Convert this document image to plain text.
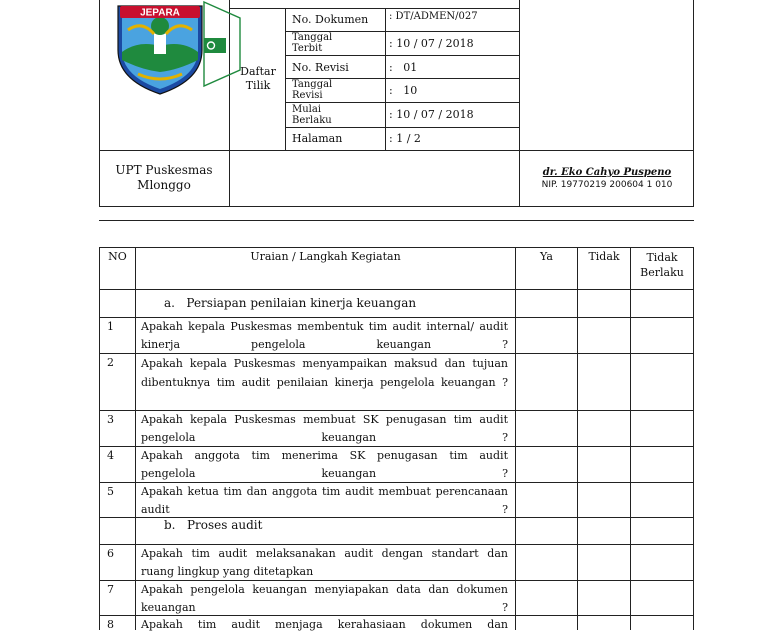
JEPARA
Daftar Tilik
No. Dokumen : DT/ADMEN/027
Tanggal Terbit	: 10 / 07 / 2018
No. Revisi	:   01
Tanggal Revisi	:   10
Mulai Berlaku	: 10 / 07 / 2018
Halaman	: 1 / 2
UPT Puskesmas Mlonggo
dr. Eko Cahyo Puspeno
NIP. 19770219 200604 1 010
NO	Uraian / Langkah Kegiatan	Ya	Tidak	Tidak Berlaku
a.   Persiapan penilaian kinerja keuangan
1 Apakah kepala Puskesmas membentuk tim audit internal/ audit kinerja pengelola keuangan ?
2 Apakah kepala Puskesmas menyampaikan maksud dan tujuan dibentuknya tim audit penilaian kinerja pengelola keuangan ?
3 Apakah kepala Puskesmas membuat SK penugasan tim audit pengelola keuangan ?
4 Apakah anggota tim menerima SK penugasan tim audit pengelola keuangan ?
5 Apakah ketua tim dan anggota tim audit membuat perencanaan audit ?
b.   Proses audit
6 Apakah tim audit melaksanakan audit dengan standart dan ruang lingkup yang ditetapkan
7 Apakah pengelola keuangan menyiapakan data dan dokumen keuangan ?
8 Apakah tim audit menjaga kerahasiaan dokumen dan
